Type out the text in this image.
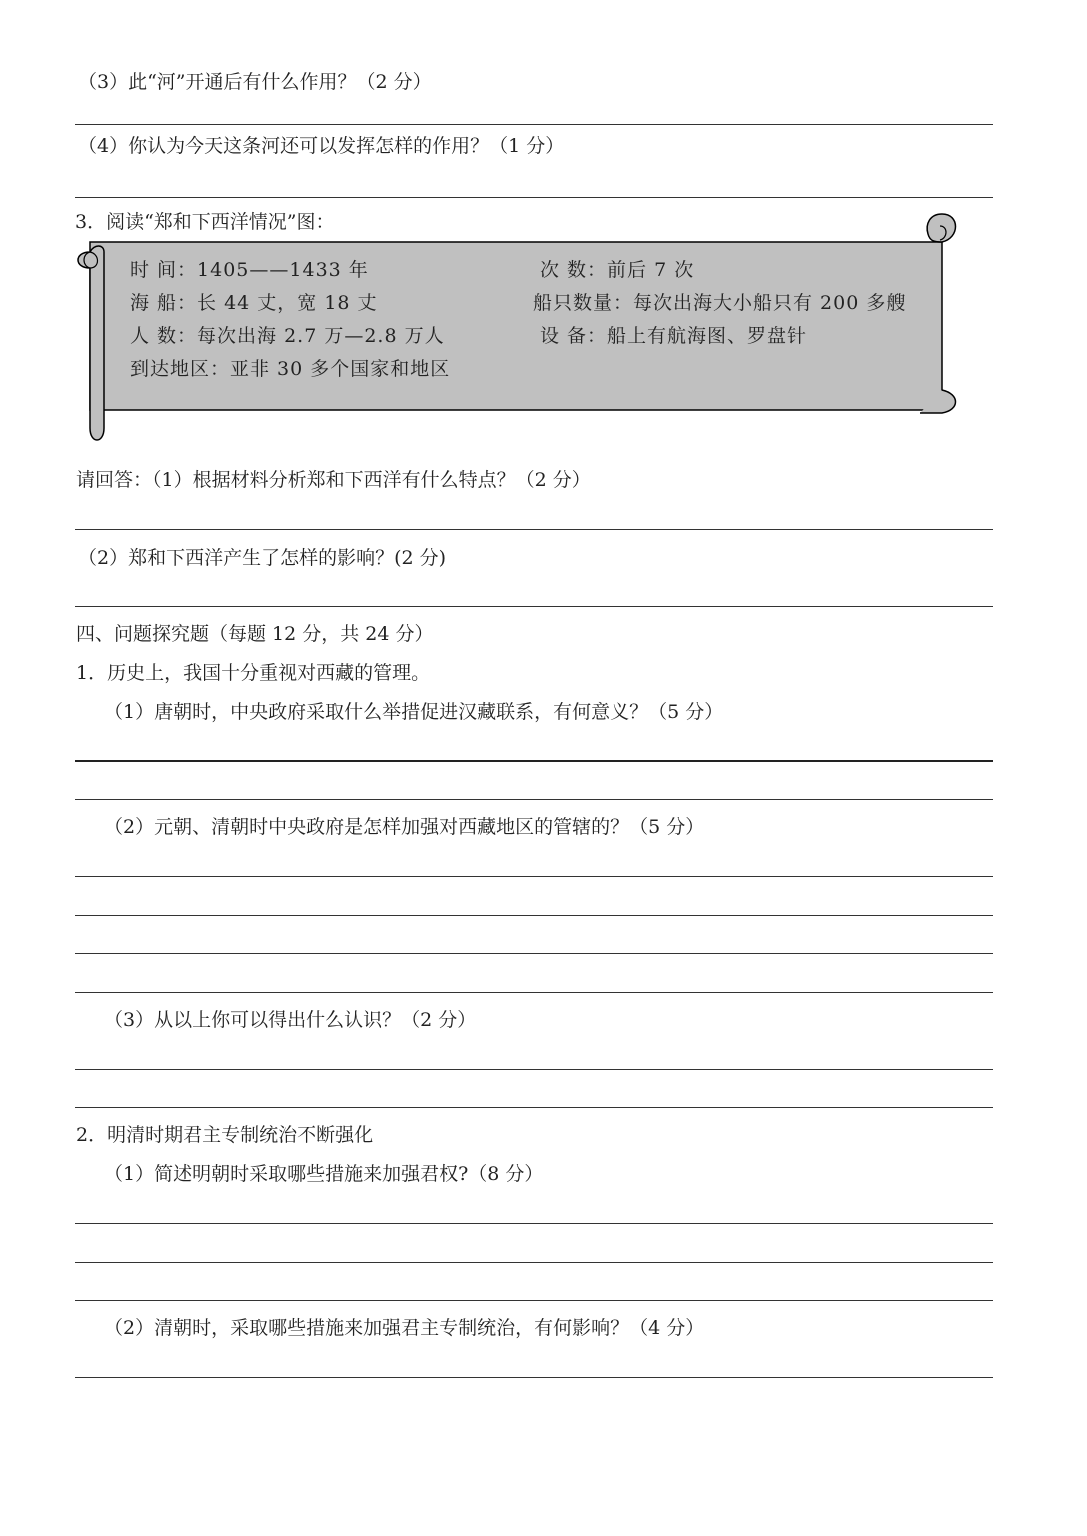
（3）此“河”开通后有什么作用？（2 分）
（4）你认为今天这条河还可以发挥怎样的作用？（1 分）
3．阅读“郑和下西洋情况”图：
时 间：1405——1433 年
海 船：长 44 丈，宽 18 丈
人 数：每次出海 2.7 万—2.8 万人
到达地区：亚非 30 多个国家和地区
次 数：前后 7 次
船只数量：每次出海大小船只有 200 多艘
设 备：船上有航海图、罗盘针
请回答：（1）根据材料分析郑和下西洋有什么特点？（2 分）
（2）郑和下西洋产生了怎样的影响？(2 分)
四、问题探究题（每题 12 分，共 24 分）
1．历史上，我国十分重视对西藏的管理。
（1）唐朝时，中央政府采取什么举措促进汉藏联系，有何意义？（5 分）
（2）元朝、清朝时中央政府是怎样加强对西藏地区的管辖的？（5 分）
（3）从以上你可以得出什么认识？（2 分）
2．明清时期君主专制统治不断强化
（1）简述明朝时采取哪些措施来加强君权?（8 分）
（2）清朝时，采取哪些措施来加强君主专制统治，有何影响？（4 分）
